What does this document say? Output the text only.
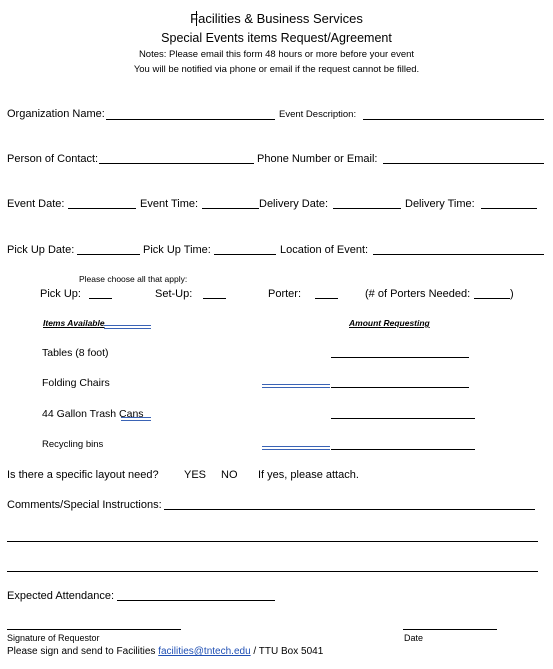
Facilities & Business Services
Special Events items Request/Agreement
Notes: Please email this form 48 hours or more before your event
You will be notified via phone or email if the request cannot be filled.
Organization Name:	Event Description:
Person of Contact:	Phone Number or Email:
Event Date:	Event Time:	Delivery Date:	Delivery Time:
Pick Up Date:	Pick Up Time:	Location of Event:
Please choose all that apply:
Pick Up:	Set-Up:	Porter:	(# of Porters Needed:	)
Items Available	Amount Requesting
Tables (8 foot)
Folding Chairs
44 Gallon Trash Cans
Recycling bins
Is there a specific layout need? YES NO If yes, please attach.
Comments/Special Instructions:
Expected Attendance:
Signature of Requestor	Date
Please sign and send to Facilities facilities@tntech.edu / TTU Box 5041
